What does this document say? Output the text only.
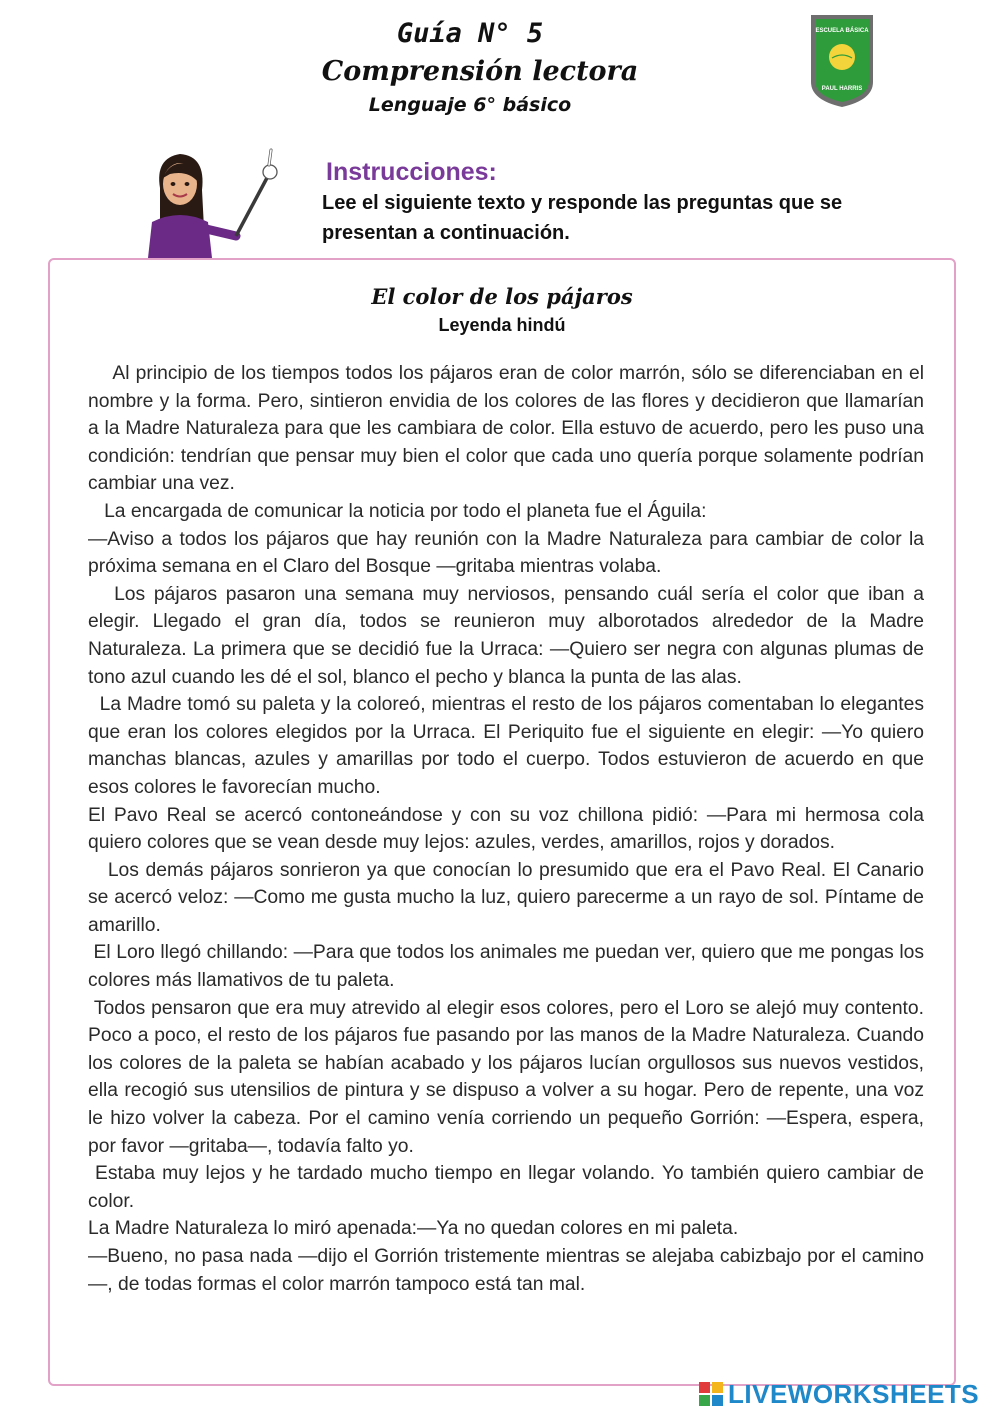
Guía N° 5
Comprensión lectora
Lenguaje 6° básico
ESCUELA BÁSICA
PAUL HARRIS
Instrucciones:
Lee el siguiente texto y responde las preguntas que se presentan a continuación.
El color de los pájaros
Leyenda hindú

Al principio de los tiempos todos los pájaros eran de color marrón, sólo se diferenciaban en el nombre y la forma. Pero, sintieron envidia de los colores de las flores y decidieron que llamarían a la Madre Naturaleza para que les cambiara de color. Ella estuvo de acuerdo, pero les puso una condición: tendrían que pensar muy bien el color que cada uno quería porque solamente podrían cambiar una vez.

La encargada de comunicar la noticia por todo el planeta fue el Águila:

—Aviso a todos los pájaros que hay reunión con la Madre Naturaleza para cambiar de color la próxima semana en el Claro del Bosque —gritaba mientras volaba.

Los pájaros pasaron una semana muy nerviosos, pensando cuál sería el color que iban a elegir. Llegado el gran día, todos se reunieron muy alborotados alrededor de la Madre Naturaleza. La primera que se decidió fue la Urraca: —Quiero ser negra con algunas plumas de tono azul cuando les dé el sol, blanco el pecho y blanca la punta de las alas.

La Madre tomó su paleta y la coloreó, mientras el resto de los pájaros comentaban lo elegantes que eran los colores elegidos por la Urraca. El Periquito fue el siguiente en elegir: —Yo quiero manchas blancas, azules y amarillas por todo el cuerpo. Todos estuvieron de acuerdo en que esos colores le favorecían mucho.

El Pavo Real se acercó contoneándose y con su voz chillona pidió: —Para mi hermosa cola quiero colores que se vean desde muy lejos: azules, verdes, amarillos, rojos y dorados.

Los demás pájaros sonrieron ya que conocían lo presumido que era el Pavo Real. El Canario se acercó veloz: —Como me gusta mucho la luz, quiero parecerme a un rayo de sol. Píntame de amarillo.

El Loro llegó chillando: —Para que todos los animales me puedan ver, quiero que me pongas los colores más llamativos de tu paleta.

Todos pensaron que era muy atrevido al elegir esos colores, pero el Loro se alejó muy contento. Poco a poco, el resto de los pájaros fue pasando por las manos de la Madre Naturaleza. Cuando los colores de la paleta se habían acabado y los pájaros lucían orgullosos sus nuevos vestidos, ella recogió sus utensilios de pintura y se dispuso a volver a su hogar. Pero de repente, una voz le hizo volver la cabeza. Por el camino venía corriendo un pequeño Gorrión: —Espera, espera, por favor —gritaba—, todavía falto yo.

Estaba muy lejos y he tardado mucho tiempo en llegar volando. Yo también quiero cambiar de color.

La Madre Naturaleza lo miró apenada:—Ya no quedan colores en mi paleta.

—Bueno, no pasa nada —dijo el Gorrión tristemente mientras se alejaba cabizbajo por el camino—, de todas formas el color marrón tampoco está tan mal.

LIVEWORKSHEETS
